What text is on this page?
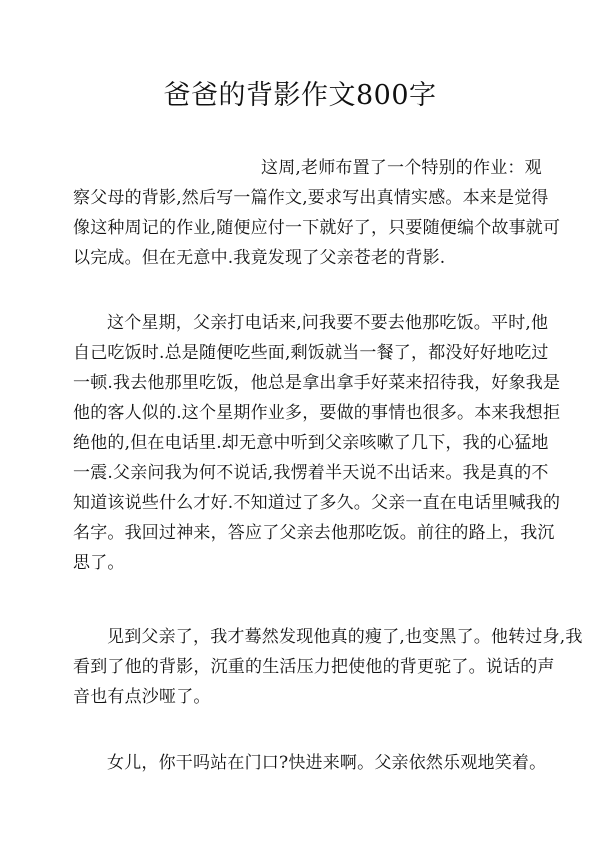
爸爸的背影作文800字
这周,老师布置了一个特别的作业：观
察父母的背影,然后写一篇作文,要求写出真情实感。本来是觉得
像这种周记的作业,随便应付一下就好了，只要随便编个故事就可
以完成。但在无意中.我竟发现了父亲苍老的背影.
这个星期，父亲打电话来,问我要不要去他那吃饭。平时,他
自己吃饭时.总是随便吃些面,剩饭就当一餐了，都没好好地吃过
一顿.我去他那里吃饭，他总是拿出拿手好菜来招待我，好象我是
他的客人似的.这个星期作业多，要做的事情也很多。本来我想拒
绝他的,但在电话里.却无意中听到父亲咳嗽了几下，我的心猛地
一震.父亲问我为何不说话,我愣着半天说不出话来。我是真的不
知道该说些什么才好.不知道过了多久。父亲一直在电话里喊我的
名字。我回过神来，答应了父亲去他那吃饭。前往的路上，我沉
思了。
见到父亲了，我才蓦然发现他真的瘦了,也变黑了。他转过身,我
看到了他的背影，沉重的生活压力把使他的背更驼了。说话的声
音也有点沙哑了。
女儿，你干吗站在门口?快进来啊。父亲依然乐观地笑着。
